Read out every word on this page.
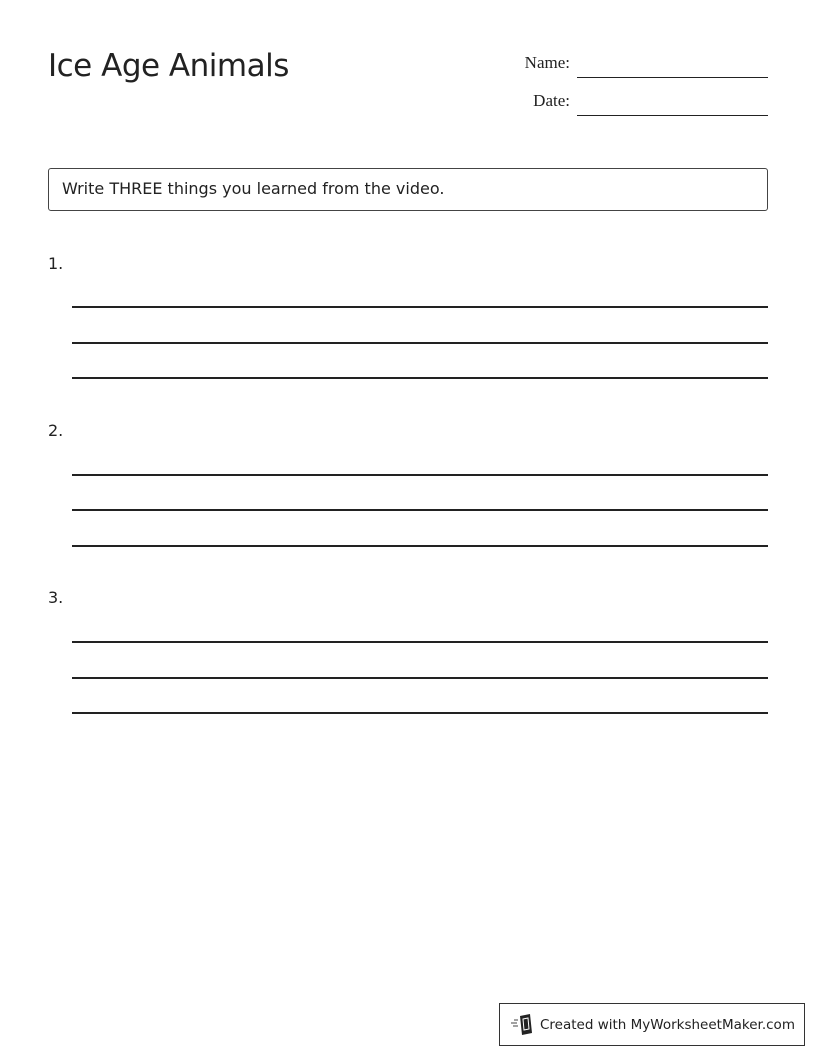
Ice Age Animals	Name:
Date:
Write THREE things you learned from the video.
1.
2.
3.
Created with MyWorksheetMaker.com
